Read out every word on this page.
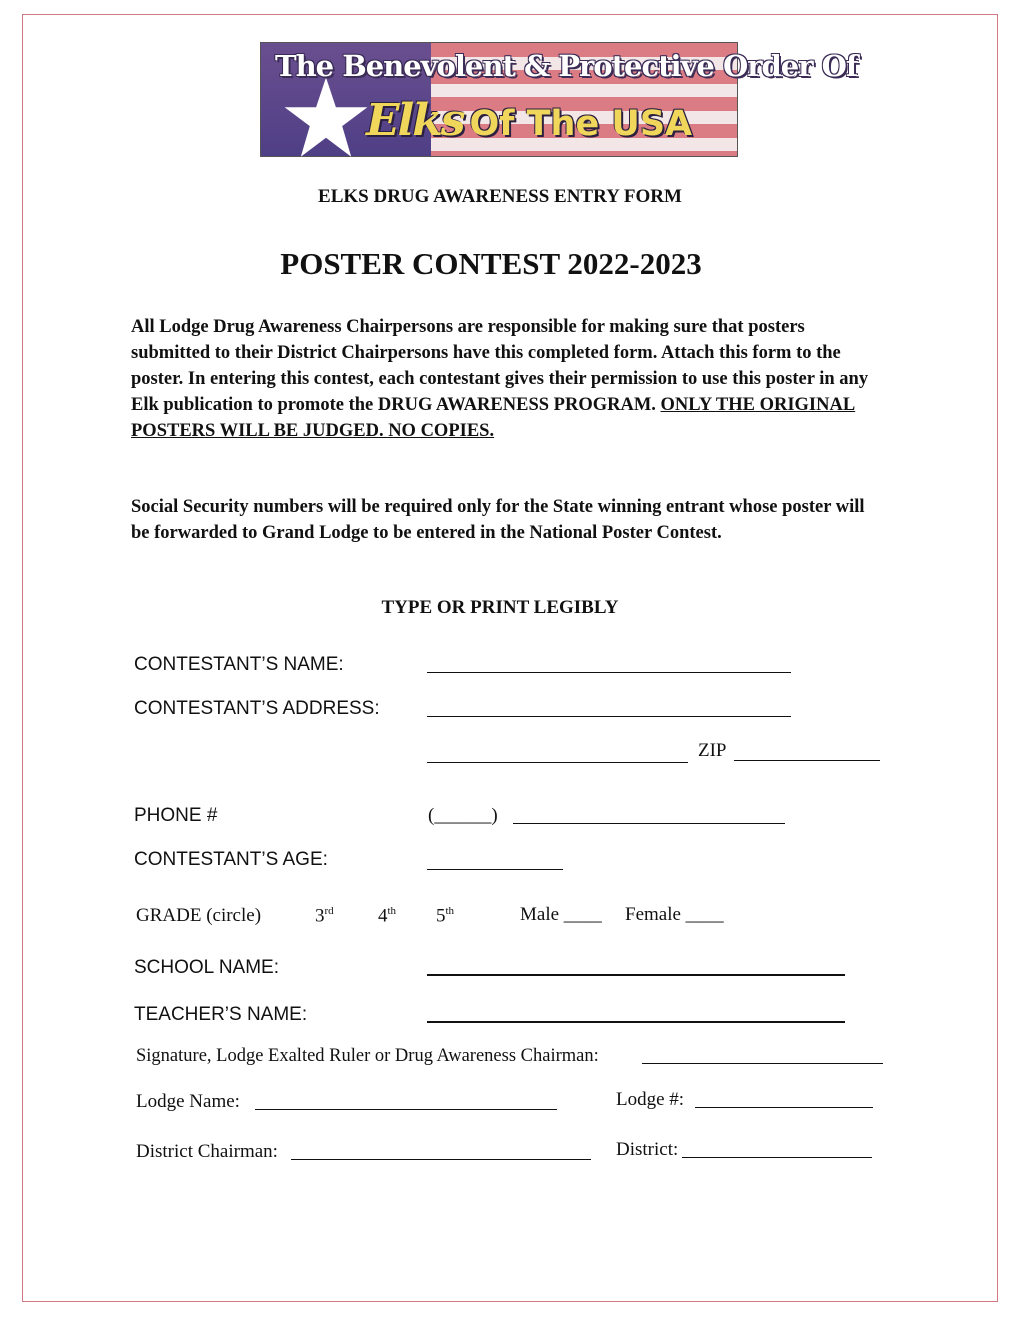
The Benevolent & Protective Order Of
Elks Of The USA
ELKS DRUG AWARENESS ENTRY FORM
POSTER CONTEST 2022-2023
All Lodge Drug Awareness Chairpersons are responsible for making sure that posters submitted to their District Chairpersons have this completed form. Attach this form to the poster. In entering this contest, each contestant gives their permission to use this poster in any Elk publication to promote the DRUG AWARENESS PROGRAM. ONLY THE ORIGINAL POSTERS WILL BE JUDGED. NO COPIES.
Social Security numbers will be required only for the State winning entrant whose poster will be forwarded to Grand Lodge to be entered in the National Poster Contest.
TYPE OR PRINT LEGIBLY
CONTESTANT’S NAME:
CONTESTANT’S ADDRESS:
ZIP
PHONE #	(______)
CONTESTANT’S AGE:
GRADE (circle)	3rd 4th 5th	Male ____ Female ____
SCHOOL NAME:
TEACHER’S NAME:
Signature, Lodge Exalted Ruler or Drug Awareness Chairman:
Lodge Name:	Lodge #:
District Chairman:	District:
